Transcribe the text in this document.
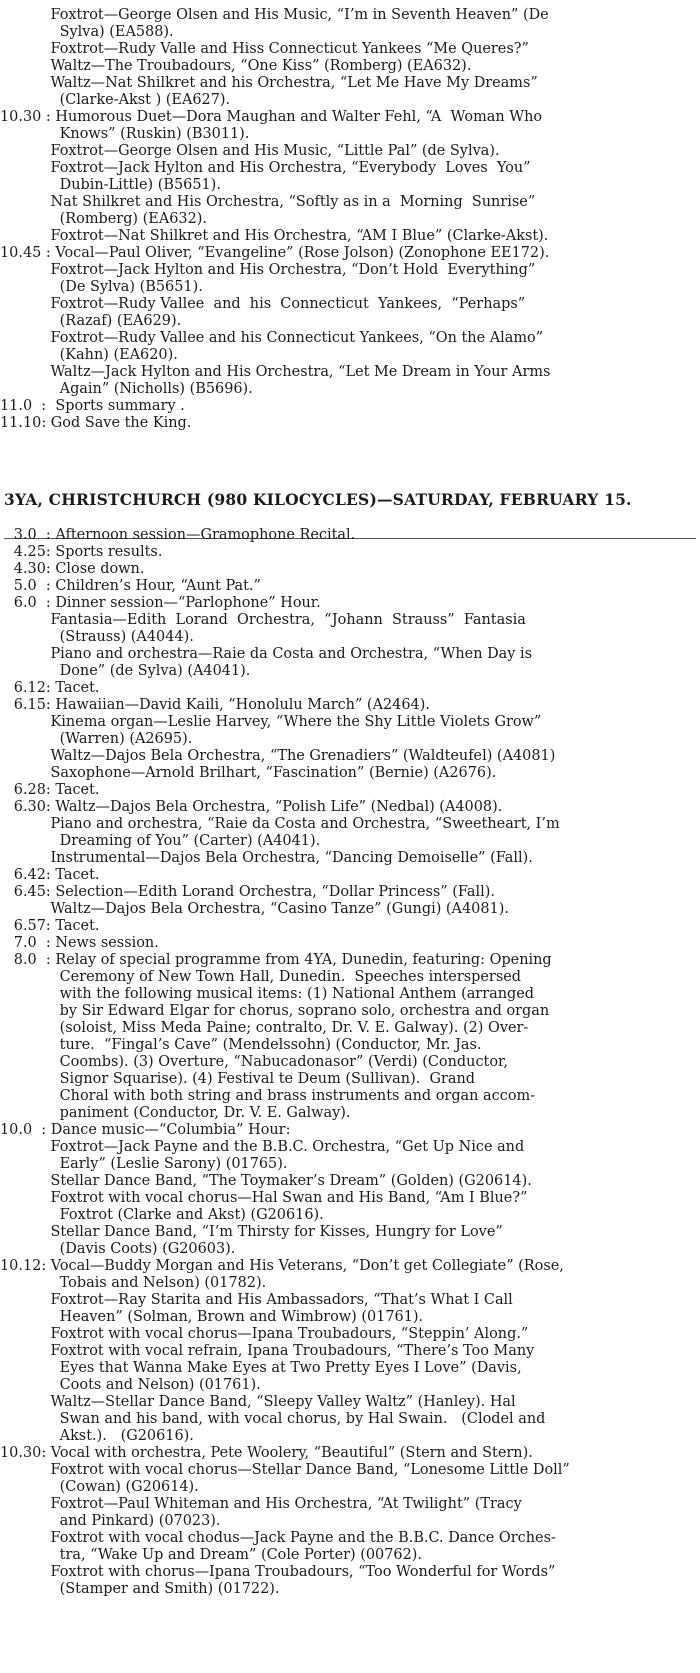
Foxtrot—George Olsen and His Music, “I’m in Seventh Heaven” (De
Sylva) (EA588).
Foxtrot—Rudy Valle and Hiss Connecticut Yankees “Me Queres?”
Waltz—The Troubadours, “One Kiss” (Romberg) (EA632).
Waltz—Nat Shilkret and his Orchestra, “Let Me Have My Dreams”
(Clarke-Akst ) (EA627).
10.30 : Humorous Duet—Dora Maughan and Walter Fehl, “A  Woman Who
Knows” (Ruskin) (B3011).
Foxtrot—George Olsen and His Music, “Little Pal” (de Sylva).
Foxtrot—Jack Hylton and His Orchestra, “Everybody  Loves  You”
Dubin-Little) (B5651).
Nat Shilkret and His Orchestra, “Softly as in a  Morning  Sunrise”
(Romberg) (EA632).
Foxtrot—Nat Shilkret and His Orchestra, “AM I Blue” (Clarke-Akst).
10.45 : Vocal—Paul Oliver, “Evangeline” (Rose Jolson) (Zonophone EE172).
Foxtrot—Jack Hylton and His Orchestra, “Don’t Hold  Everything”
(De Sylva) (B5651).
Foxtrot—Rudy Vallee  and  his  Connecticut  Yankees,  “Perhaps”
(Razaf) (EA629).
Foxtrot—Rudy Vallee and his Connecticut Yankees, “On the Alamo”
(Kahn) (EA620).
Waltz—Jack Hylton and His Orchestra, “Let Me Dream in Your Arms
Again” (Nicholls) (B5696).
11.0  :  Sports summary .
11.10: God Save the King.
3YA, CHRISTCHURCH (980 KILOCYCLES)—SATURDAY, FEBRUARY 15.
3.0  : Afternoon session—Gramophone Recital.
4.25: Sports results.
4.30: Close down.
5.0  : Children’s Hour, “Aunt Pat.”
6.0  : Dinner session—“Parlophone” Hour.
Fantasia—Edith  Lorand  Orchestra,  “Johann  Strauss”  Fantasia
(Strauss) (A4044).
Piano and orchestra—Raie da Costa and Orchestra, “When Day is
Done” (de Sylva) (A4041).
6.12: Tacet.
6.15: Hawaiian—David Kaili, “Honolulu March” (A2464).
Kinema organ—Leslie Harvey, “Where the Shy Little Violets Grow”
(Warren) (A2695).
Waltz—Dajos Bela Orchestra, “The Grenadiers” (Waldteufel) (A4081)
Saxophone—Arnold Brilhart, “Fascination” (Bernie) (A2676).
6.28: Tacet.
6.30: Waltz—Dajos Bela Orchestra, “Polish Life” (Nedbal) (A4008).
Piano and orchestra, “Raie da Costa and Orchestra, “Sweetheart, I’m
Dreaming of You” (Carter) (A4041).
Instrumental—Dajos Bela Orchestra, “Dancing Demoiselle” (Fall).
6.42: Tacet.
6.45: Selection—Edith Lorand Orchestra, “Dollar Princess” (Fall).
Waltz—Dajos Bela Orchestra, “Casino Tanze” (Gungi) (A4081).
6.57: Tacet.
7.0  : News session.
8.0  : Relay of special programme from 4YA, Dunedin, featuring: Opening
Ceremony of New Town Hall, Dunedin.  Speeches interspersed
with the following musical items: (1) National Anthem (arranged
by Sir Edward Elgar for chorus, soprano solo, orchestra and organ
(soloist, Miss Meda Paine; contralto, Dr. V. E. Galway). (2) Over-
ture.  “Fingal’s Cave” (Mendelssohn) (Conductor, Mr. Jas.
Coombs). (3) Overture, “Nabucadonasor” (Verdi) (Conductor,
Signor Squarise). (4) Festival te Deum (Sullivan).  Grand
Choral with both string and brass instruments and organ accom-
paniment (Conductor, Dr. V. E. Galway).
10.0  : Dance music—“Columbia” Hour:
Foxtrot—Jack Payne and the B.B.C. Orchestra, “Get Up Nice and
Early” (Leslie Sarony) (01765).
Stellar Dance Band, “The Toymaker’s Dream” (Golden) (G20614).
Foxtrot with vocal chorus—Hal Swan and His Band, “Am I Blue?”
Foxtrot (Clarke and Akst) (G20616).
Stellar Dance Band, “I’m Thirsty for Kisses, Hungry for Love”
(Davis Coots) (G20603).
10.12: Vocal—Buddy Morgan and His Veterans, “Don’t get Collegiate” (Rose,
Tobais and Nelson) (01782).
Foxtrot—Ray Starita and His Ambassadors, “That’s What I Call
Heaven” (Solman, Brown and Wimbrow) (01761).
Foxtrot with vocal chorus—Ipana Troubadours, “Steppin’ Along.”
Foxtrot with vocal refrain, Ipana Troubadours, “There’s Too Many
Eyes that Wanna Make Eyes at Two Pretty Eyes I Love” (Davis,
Coots and Nelson) (01761).
Waltz—Stellar Dance Band, “Sleepy Valley Waltz” (Hanley). Hal
Swan and his band, with vocal chorus, by Hal Swain.   (Clodel and
Akst.).   (G20616).
10.30: Vocal with orchestra, Pete Woolery, “Beautiful” (Stern and Stern).
Foxtrot with vocal chorus—Stellar Dance Band, “Lonesome Little Doll”
(Cowan) (G20614).
Foxtrot—Paul Whiteman and His Orchestra, “At Twilight” (Tracy
and Pinkard) (07023).
Foxtrot with vocal chodus—Jack Payne and the B.B.C. Dance Orches-
tra, “Wake Up and Dream” (Cole Porter) (00762).
Foxtrot with chorus—Ipana Troubadours, “Too Wonderful for Words”
(Stamper and Smith) (01722).
